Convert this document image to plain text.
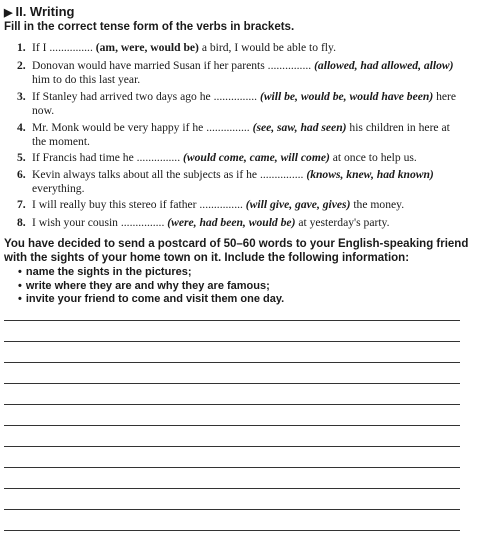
▶ II. Writing
Fill in the correct tense form of the verbs in brackets.
1. If I ............... (am, were, would be) a bird, I would be able to fly.
2. Donovan would have married Susan if her parents ............... (allowed, had allowed, allow) him to do this last year.
3. If Stanley had arrived two days ago he ............... (will be, would be, would have been) here now.
4. Mr. Monk would be very happy if he ............... (see, saw, had seen) his children in here at the moment.
5. If Francis had time he ............... (would come, came, will come) at once to help us.
6. Kevin always talks about all the subjects as if he ............... (knows, knew, had known) everything.
7. I will really buy this stereo if father ............... (will give, gave, gives) the money.
8. I wish your cousin ............... (were, had been, would be) at yesterday's party.
You have decided to send a postcard of 50–60 words to your English-speaking friend with the sights of your home town on it. Include the following information:
• name the sights in the pictures;
• write where they are and why they are famous;
• invite your friend to come and visit them one day.
